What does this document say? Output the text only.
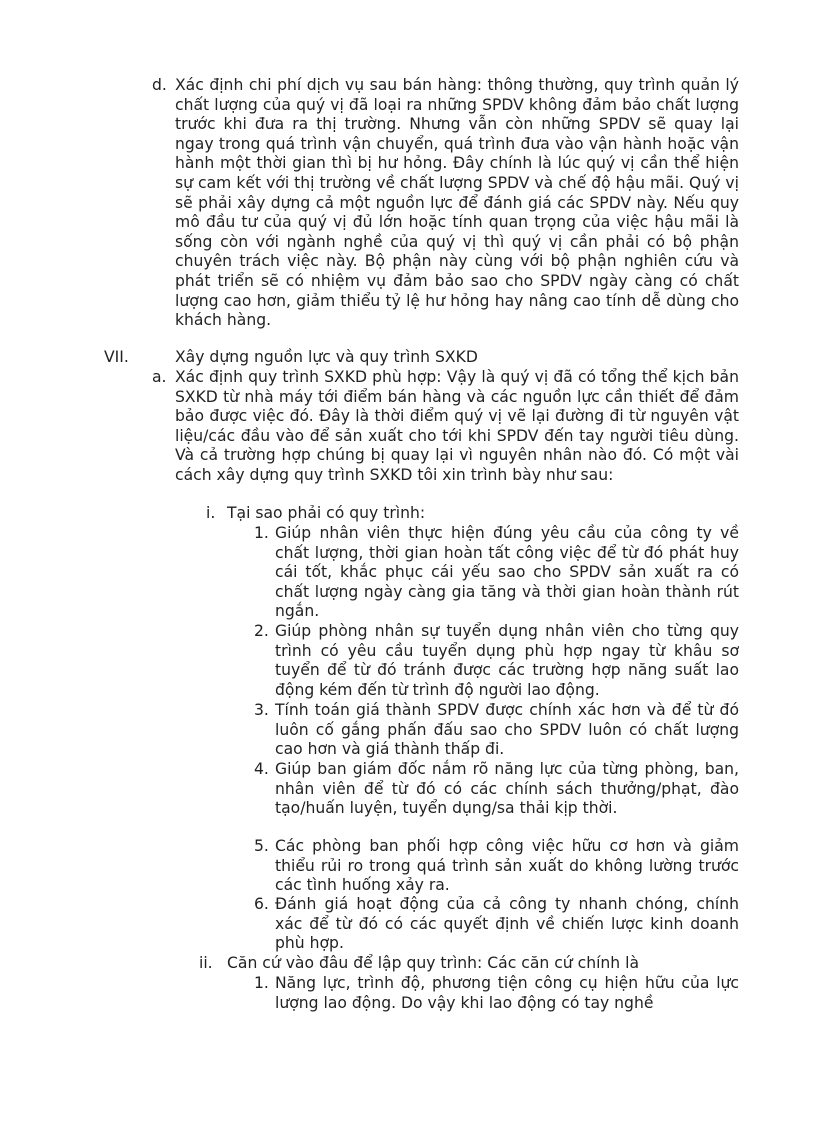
d. Xác định chi phí dịch vụ sau bán hàng: thông thường, quy trình quản lý chất lượng của quý vị đã loại ra những SPDV không đảm bảo chất lượng trước khi đưa ra thị trường. Nhưng vẫn còn những SPDV sẽ quay lại ngay trong quá trình vận chuyển, quá trình đưa vào vận hành hoặc vận hành một thời gian thì bị hư hỏng. Đây chính là lúc quý vị cần thể hiện sự cam kết với thị trường về chất lượng SPDV và chế độ hậu mãi. Quý vị sẽ phải xây dựng cả một nguồn lực để đánh giá các SPDV này. Nếu quy mô đầu tư của quý vị đủ lớn hoặc tính quan trọng của việc hậu mãi là sống còn với ngành nghề của quý vị thì quý vị cần phải có bộ phận chuyên trách việc này. Bộ phận này cùng với bộ phận nghiên cứu và phát triển sẽ có nhiệm vụ đảm bảo sao cho SPDV ngày càng có chất lượng cao hơn, giảm thiểu tỷ lệ hư hỏng hay nâng cao tính dễ dùng cho khách hàng.

VII.	Xây dựng nguồn lực và quy trình SXKD

a. Xác định quy trình SXKD phù hợp: Vậy là quý vị đã có tổng thể kịch bản SXKD từ nhà máy tới điểm bán hàng và các nguồn lực cần thiết để đảm bảo được việc đó. Đây là thời điểm quý vị vẽ lại đường đi từ nguyên vật liệu/các đầu vào để sản xuất cho tới khi SPDV đến tay người tiêu dùng. Và cả trường hợp chúng bị quay lại vì nguyên nhân nào đó. Có một vài cách xây dựng quy trình SXKD tôi xin trình bày như sau:

i. Tại sao phải có quy trình:

1. Giúp nhân viên thực hiện đúng yêu cầu của công ty về chất lượng, thời gian hoàn tất công việc để từ đó phát huy cái tốt, khắc phục cái yếu sao cho SPDV sản xuất ra có chất lượng ngày càng gia tăng và thời gian hoàn thành rút ngắn.

2. Giúp phòng nhân sự tuyển dụng nhân viên cho từng quy trình có yêu cầu tuyển dụng phù hợp ngay từ khâu sơ tuyển để từ đó tránh được các trường hợp năng suất lao động kém đến từ trình độ người lao động.

3. Tính toán giá thành SPDV được chính xác hơn và để từ đó luôn cố gắng phấn đấu sao cho SPDV luôn có chất lượng cao hơn và giá thành thấp đi.

4. Giúp ban giám đốc nắm rõ năng lực của từng phòng, ban, nhân viên để từ đó có các chính sách thưởng/phạt, đào tạo/huấn luyện, tuyển dụng/sa thải kịp thời.

5. Các phòng ban phối hợp công việc hữu cơ hơn và giảm thiểu rủi ro trong quá trình sản xuất do không lường trước các tình huống xảy ra.

6. Đánh giá hoạt động của cả công ty nhanh chóng, chính xác để từ đó có các quyết định về chiến lược kinh doanh phù hợp.

ii. Căn cứ vào đâu để lập quy trình: Các căn cứ chính là

1. Năng lực, trình độ, phương tiện công cụ hiện hữu của lực lượng lao động. Do vậy khi lao động có tay nghề
